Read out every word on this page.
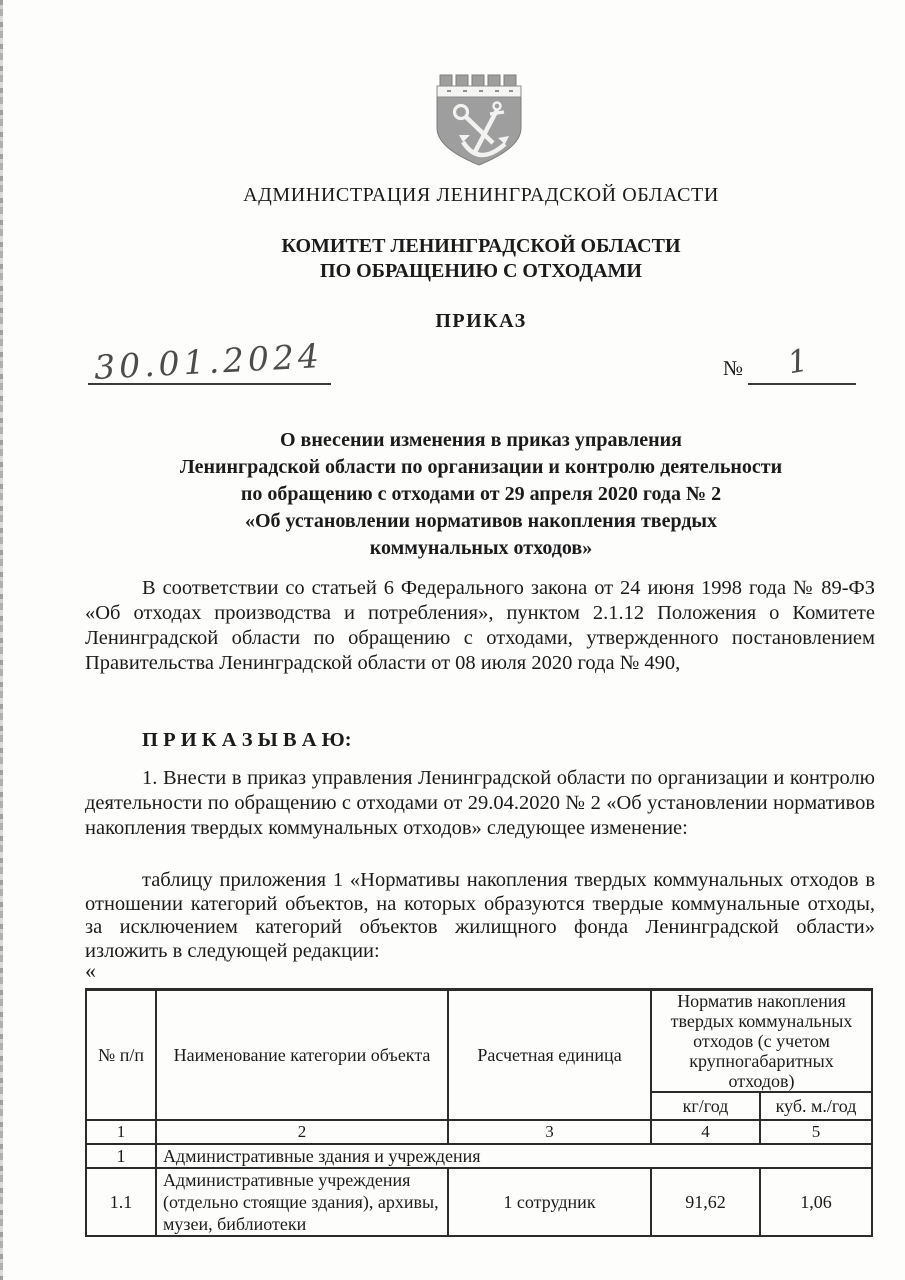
АДМИНИСТРАЦИЯ ЛЕНИНГРАДСКОЙ ОБЛАСТИ
КОМИТЕТ ЛЕНИНГРАДСКОЙ ОБЛАСТИ
ПО ОБРАЩЕНИЮ С ОТХОДАМИ
ПРИКАЗ
30.01.2024	№ 1
О внесении изменения в приказ управления
Ленинградской области по организации и контролю деятельности
по обращению с отходами от 29 апреля 2020 года № 2
«Об установлении нормативов накопления твердых
коммунальных отходов»
В соответствии со статьей 6 Федерального закона от 24 июня 1998 года № 89-ФЗ «Об отходах производства и потребления», пунктом 2.1.12 Положения о Комитете Ленинградской области по обращению с отходами, утвержденного постановлением Правительства Ленинградской области от 08 июля 2020 года № 490,
П Р И К А З Ы В А Ю:
1. Внести в приказ управления Ленинградской области по организации и контролю деятельности по обращению с отходами от 29.04.2020 № 2 «Об установлении нормативов накопления твердых коммунальных отходов» следующее изменение:
таблицу приложения 1 «Нормативы накопления твердых коммунальных отходов в отношении категорий объектов, на которых образуются твердые коммунальные отходы, за исключением категорий объектов жилищного фонда Ленинградской области» изложить в следующей редакции:
«
№ п/п	Наименование категории объекта	Расчетная единица	Норматив накопления твердых коммунальных отходов (с учетом крупногабаритных отходов)	
			кг/год	куб. м./год
1	2	3	4	5
1	Административные здания и учреждения			
1.1	Административные учреждения (отдельно стоящие здания), архивы, музеи, библиотеки	1 сотрудник	91,62	1,06
